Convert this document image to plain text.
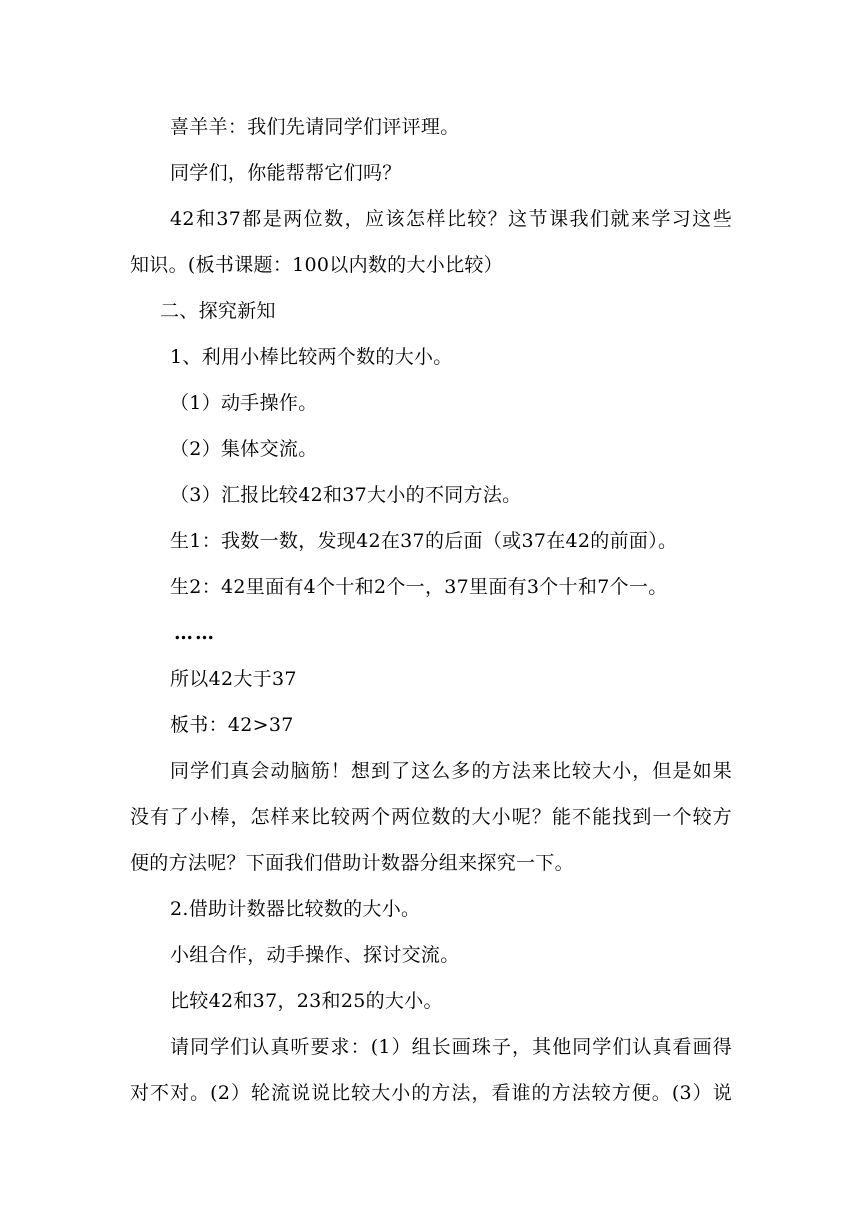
喜羊羊：我们先请同学们评评理。
同学们，你能帮帮它们吗？
42和37都是两位数，应该怎样比较？这节课我们就来学习这些
知识。(板书课题：100以内数的大小比较）
二、探究新知
1、利用小棒比较两个数的大小。
（1）动手操作。
（2）集体交流。
（3）汇报比较42和37大小的不同方法。
生1：我数一数，发现42在37的后面（或37在42的前面）。
生2：42里面有4个十和2个一，37里面有3个十和7个一。
……
所以42大于37
板书：42>37
同学们真会动脑筋！想到了这么多的方法来比较大小，但是如果
没有了小棒，怎样来比较两个两位数的大小呢？能不能找到一个较方
便的方法呢？下面我们借助计数器分组来探究一下。
2.借助计数器比较数的大小。
小组合作，动手操作、探讨交流。
比较42和37，23和25的大小。
请同学们认真听要求：(1）组长画珠子，其他同学们认真看画得
对不对。(2）轮流说说比较大小的方法，看谁的方法较方便。(3）说
